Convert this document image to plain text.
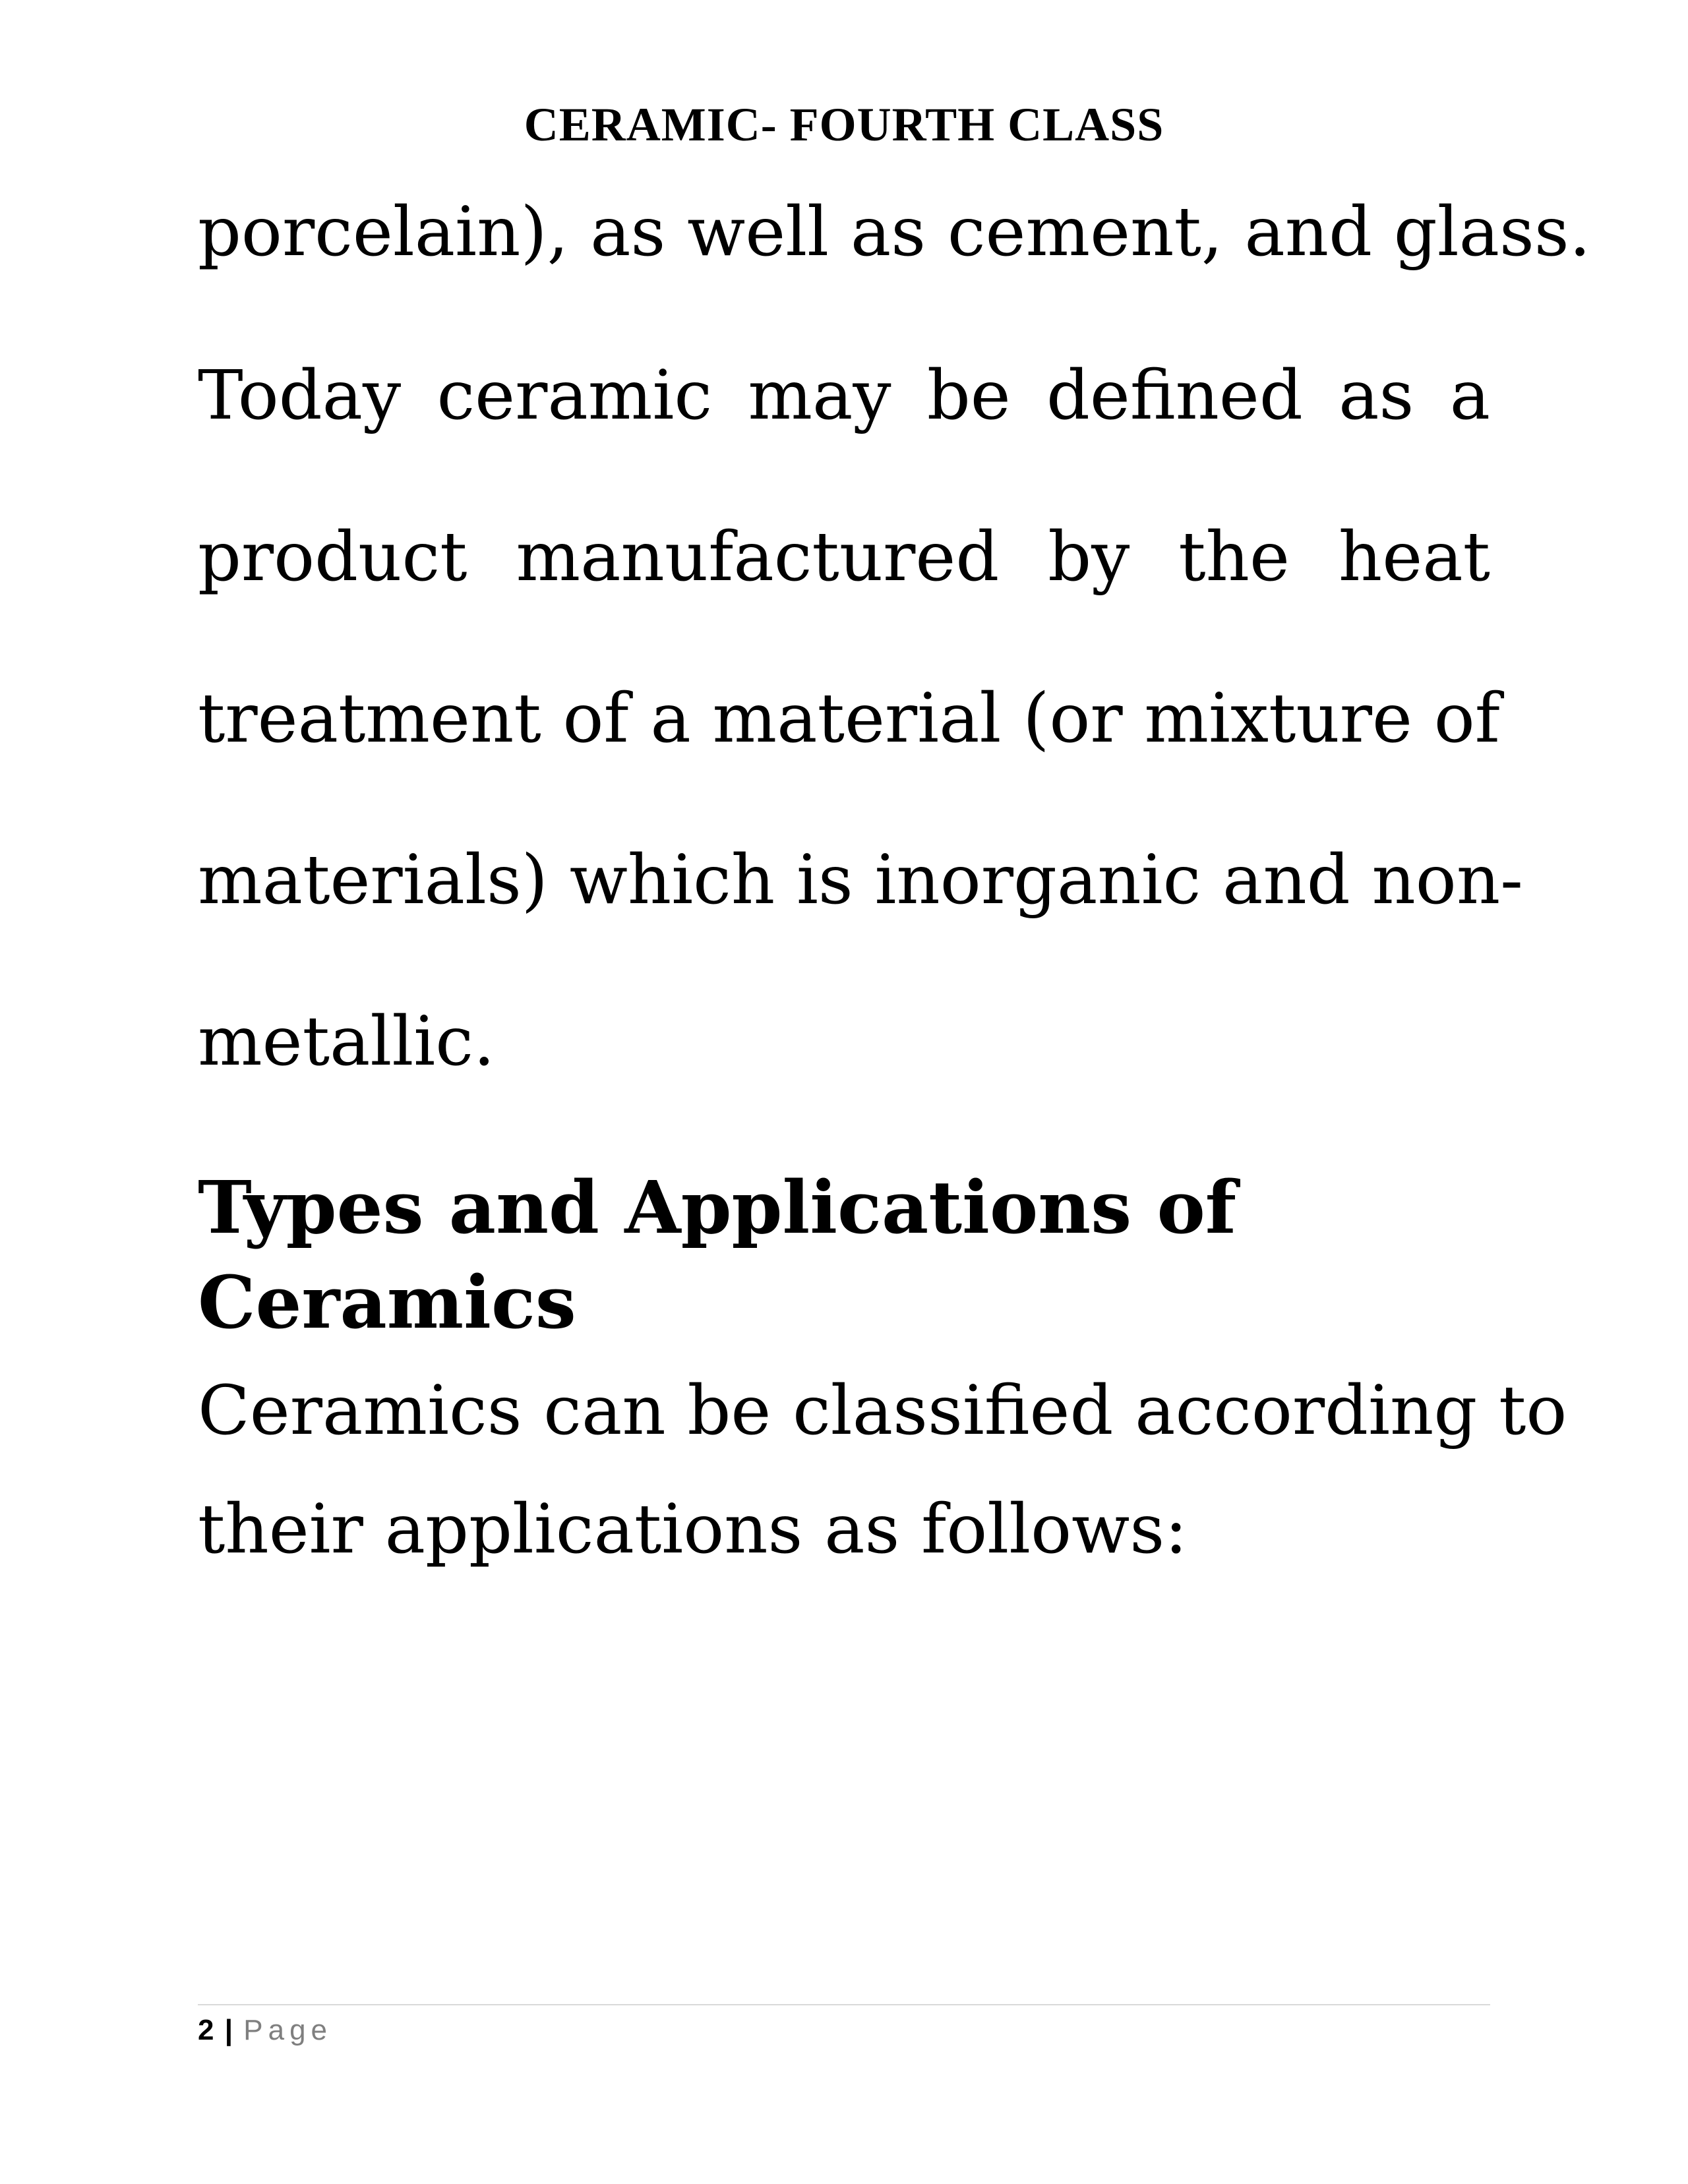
CERAMIC- FOURTH CLASS
porcelain), as well as cement, and glass.
Today ceramic may be defined as a
product manufactured by the heat
treatment of a material (or mixture of
materials) which is inorganic and non-
metallic.
Types and Applications of
Ceramics
Ceramics can be classified according to
their applications as follows:
2 | Page
